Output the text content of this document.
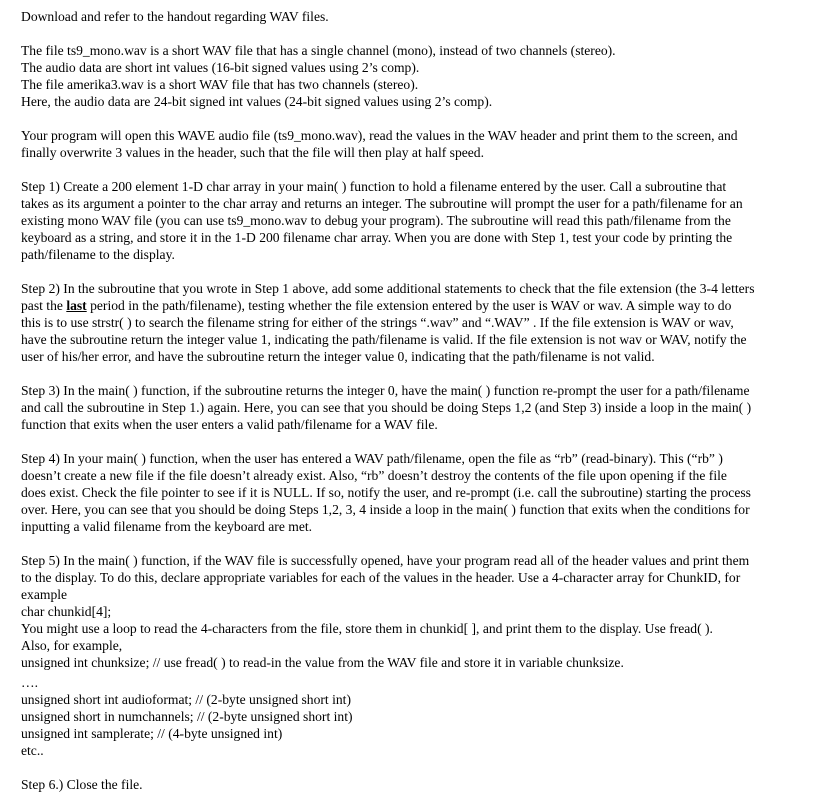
Download and refer to the handout regarding WAV files.
The file ts9_mono.wav is a short WAV file that has a single channel (mono), instead of two channels (stereo).
The audio data are short int values (16-bit signed values using 2’s comp).
The file amerika3.wav is a short WAV file that has two channels (stereo).
Here, the audio data are 24-bit signed int values (24-bit signed values using 2’s comp).
Your program will open this WAVE audio file (ts9_mono.wav), read the values in the WAV header and print them to the screen, and
finally overwrite 3 values in the header, such that the file will then play at half speed.
Step 1) Create a 200 element 1-D char array in your main( ) function to hold a filename entered by the user. Call a subroutine that
takes as its argument a pointer to the char array and returns an integer. The subroutine will prompt the user for a path/filename for an
existing mono WAV file (you can use ts9_mono.wav to debug your program). The subroutine will read this path/filename from the
keyboard as a string, and store it in the 1-D 200 filename char array. When you are done with Step 1, test your code by printing the
path/filename to the display.
Step 2) In the subroutine that you wrote in Step 1 above, add some additional statements to check that the file extension (the 3-4 letters
past the last period in the path/filename), testing whether the file extension entered by the user is WAV or wav. A simple way to do
this is to use strstr( ) to search the filename string for either of the strings “.wav” and “.WAV” . If the file extension is WAV or wav,
have the subroutine return the integer value 1, indicating the path/filename is valid. If the file extension is not wav or WAV, notify the
user of his/her error, and have the subroutine return the integer value 0, indicating that the path/filename is not valid.
Step 3) In the main( ) function, if the subroutine returns the integer 0, have the main( ) function re-prompt the user for a path/filename
and call the subroutine in Step 1.) again. Here, you can see that you should be doing Steps 1,2 (and Step 3) inside a loop in the main( )
function that exits when the user enters a valid path/filename for a WAV file.
Step 4) In your main( ) function, when the user has entered a WAV path/filename, open the file as “rb” (read-binary). This (“rb” )
doesn’t create a new file if the file doesn’t already exist. Also, “rb” doesn’t destroy the contents of the file upon opening if the file
does exist. Check the file pointer to see if it is NULL. If so, notify the user, and re-prompt (i.e. call the subroutine) starting the process
over. Here, you can see that you should be doing Steps 1,2, 3, 4 inside a loop in the main( ) function that exits when the conditions for
inputting a valid filename from the keyboard are met.
Step 5) In the main( ) function, if the WAV file is successfully opened, have your program read all of the header values and print them
to the display. To do this, declare appropriate variables for each of the values in the header. Use a 4-character array for ChunkID, for
example
char chunkid[4];
You might use a loop to read the 4-characters from the file, store them in chunkid[ ], and print them to the display. Use fread( ).
Also, for example,
unsigned int chunksize; // use fread( ) to read-in the value from the WAV file and store it in variable chunksize.
….
unsigned short int audioformat; // (2-byte unsigned short int)
unsigned short in numchannels; // (2-byte unsigned short int)
unsigned int samplerate; // (4-byte unsigned int)
etc..
Step 6.) Close the file.
